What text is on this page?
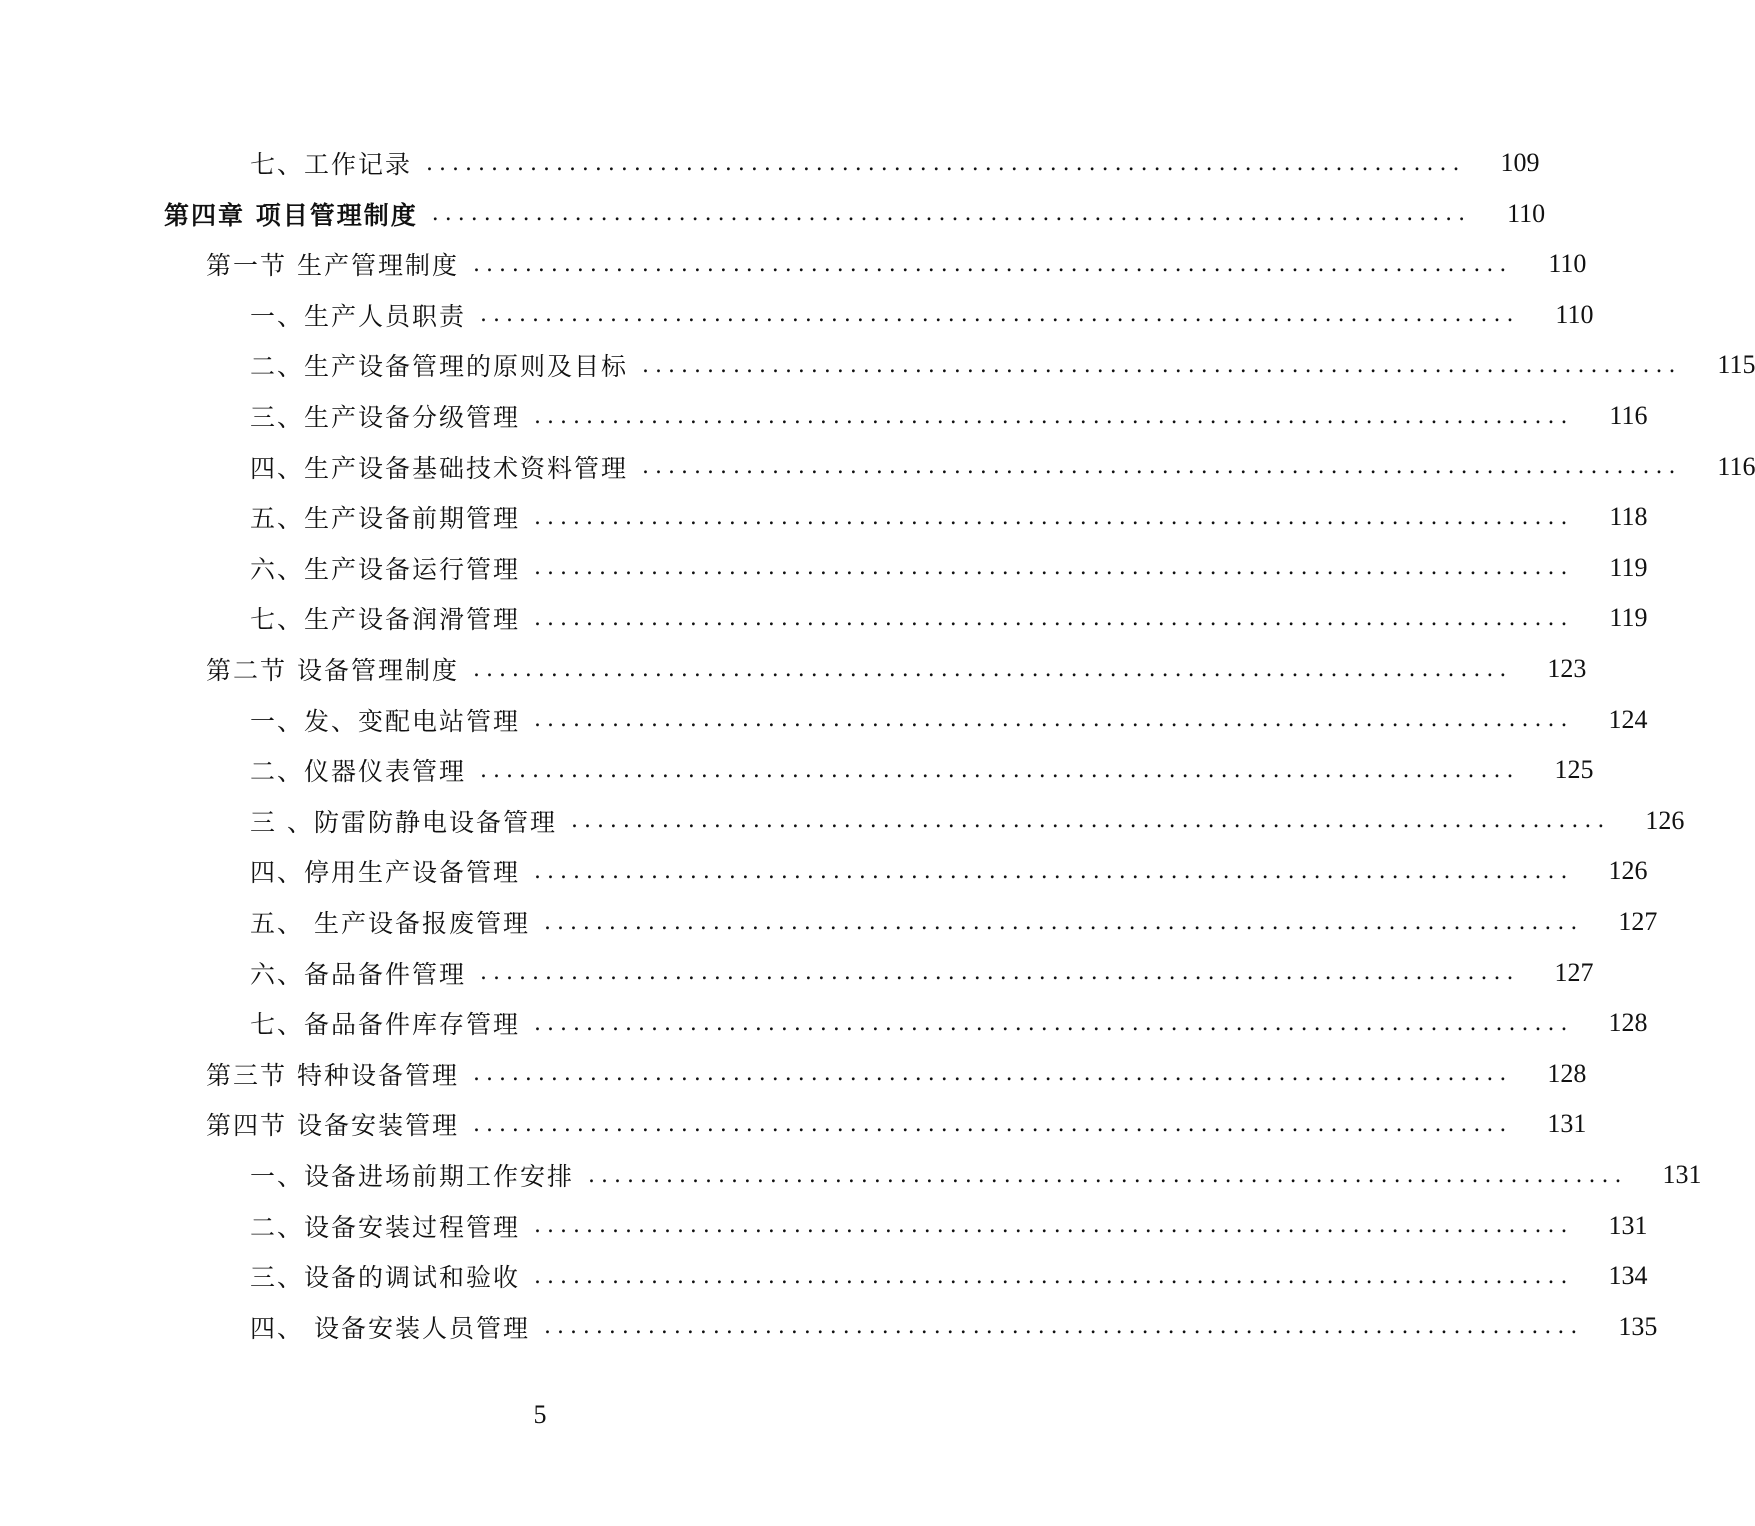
七、工作记录 ................................................................................	109
第四章 项目管理制度 ................................................................................	110
第一节 生产管理制度 ................................................................................	110
一、生产人员职责 ................................................................................	110
二、生产设备管理的原则及目标 ................................................................................	115
三、生产设备分级管理 ................................................................................	116
四、生产设备基础技术资料管理 ................................................................................	116
五、生产设备前期管理 ................................................................................	118
六、生产设备运行管理 ................................................................................	119
七、生产设备润滑管理 ................................................................................	119
第二节 设备管理制度 ................................................................................	123
一、发、变配电站管理 ................................................................................	124
二、仪器仪表管理 ................................................................................	125
三 、防雷防静电设备管理 ................................................................................	126
四、停用生产设备管理 ................................................................................	126
五、 生产设备报废管理 ................................................................................	127
六、备品备件管理 ................................................................................	127
七、备品备件库存管理 ................................................................................	128
第三节 特种设备管理 ................................................................................	128
第四节 设备安装管理 ................................................................................	131
一、设备进场前期工作安排 ................................................................................	131
二、设备安装过程管理 ................................................................................	131
三、设备的调试和验收 ................................................................................	134
四、 设备安装人员管理 ................................................................................	135
5
